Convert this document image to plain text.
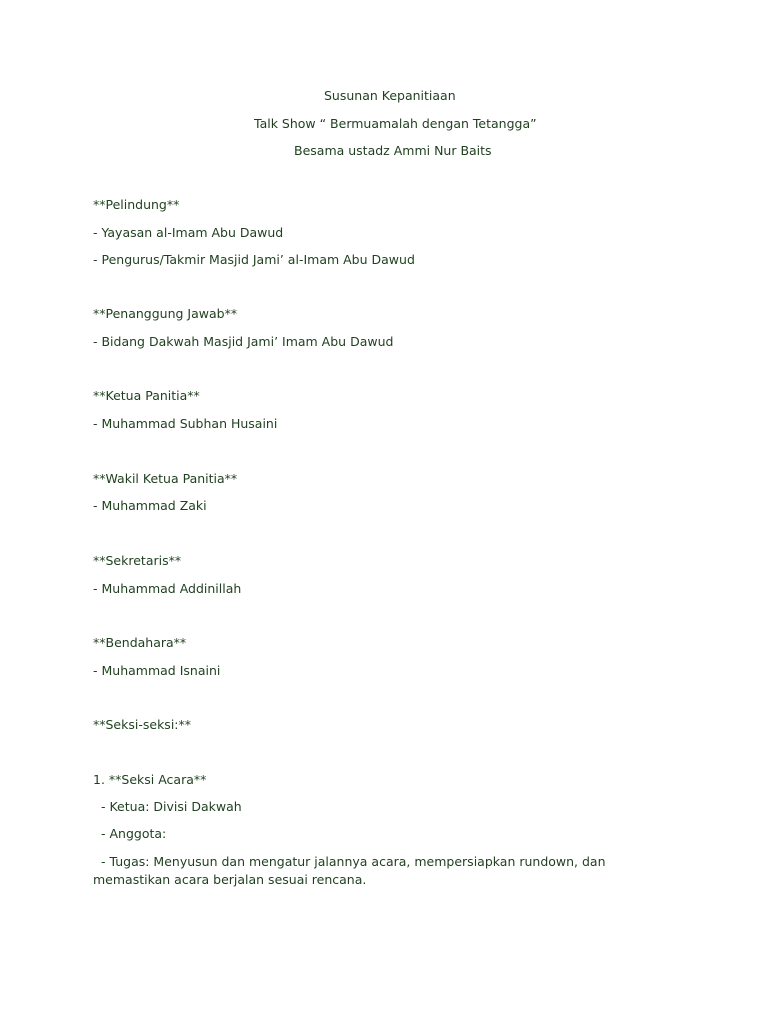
Susunan Kepanitiaan
Talk Show “ Bermuamalah dengan Tetangga”
Besama ustadz Ammi Nur Baits
**Pelindung**
- Yayasan al-Imam Abu Dawud
- Pengurus/Takmir Masjid Jami’ al-Imam Abu Dawud
**Penanggung Jawab**
- Bidang Dakwah Masjid Jami’ Imam Abu Dawud
**Ketua Panitia**
- Muhammad Subhan Husaini
**Wakil Ketua Panitia**
- Muhammad Zaki
**Sekretaris**
- Muhammad Addinillah
**Bendahara**
- Muhammad Isnaini
**Seksi-seksi:**
1. **Seksi Acara**
- Ketua: Divisi Dakwah
- Anggota:
- Tugas: Menyusun dan mengatur jalannya acara, mempersiapkan rundown, dan memastikan acara berjalan sesuai rencana.
